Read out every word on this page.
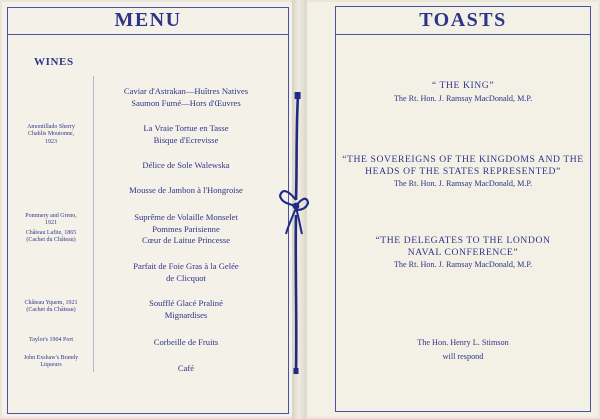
MENU	TOASTS
WINES
Amontillado Sherry
Chablis Moutonne,
1923
Pommery and Greno,
1921
Château Lafite, 1865
(Cachet du Château)
Château Yquem, 1921
(Cachet du Château)
Taylor's 1904 Port
John Exshaw's Brandy
Liqueurs
Caviar d'Astrakan—Huîtres Natives
Saumon Fumé—Hors d'Œuvres
La Vraie Tortue en Tasse
Bisque d'Ecrevisse
Délice de Sole Walewska
Mousse de Jambon à l'Hongroise
Suprême de Volaille Monselet
Pommes Parisienne
Cœur de Laitue Princesse
Parfait de Foie Gras à la Gelée
de Clicquot
Soufflé Glacé Praliné
Mignardises
Corbeille de Fruits
Café
“ THE KING”
The Rt. Hon. J. Ramsay MacDonald, M.P.
“THE SOVEREIGNS OF THE KINGDOMS AND THE HEADS OF THE STATES REPRESENTED”
The Rt. Hon. J. Ramsay MacDonald, M.P.
“THE DELEGATES TO THE LONDON NAVAL CONFERENCE”
The Rt. Hon. J. Ramsay MacDonald, M.P.
The Hon. Henry L. Stimson
will respond
